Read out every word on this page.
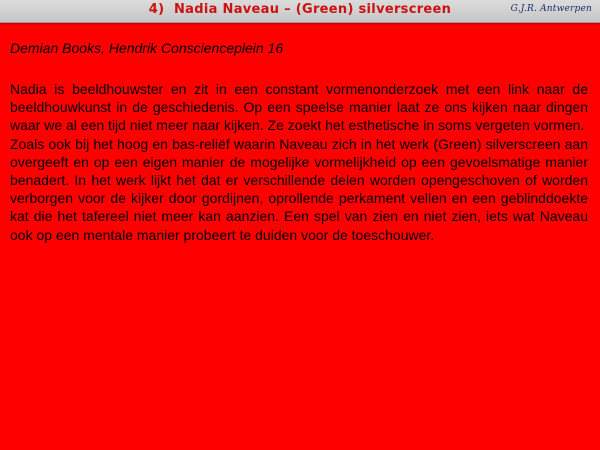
4)  Nadia Naveau – (Green) silverscreen	G.J.R. Antwerpen
Demian Books, Hendrik Conscienceplein 16

Nadia is beeldhouwster en zit in een constant vormenonderzoek met een link naar de beeldhouwkunst in de geschiedenis. Op een speelse manier laat ze ons kijken naar dingen waar we al een tijd niet meer naar kijken. Ze zoekt het esthetische in soms vergeten vormen.

Zoals ook bij het hoog en bas-reliëf waarin Naveau zich in het werk (Green) silverscreen aan overgeeft en op een eigen manier de mogelijke vormelijkheid op een gevoelsmatige manier benadert. In het werk lijkt het dat er verschillende delen worden opengeschoven of worden verborgen voor de kijker door gordijnen, oprollende perkament vellen en een geblinddoekte kat die het tafereel niet meer kan aanzien. Een spel van zien en niet zien, iets wat Naveau ook op een mentale manier probeert te duiden voor de toeschouwer.
